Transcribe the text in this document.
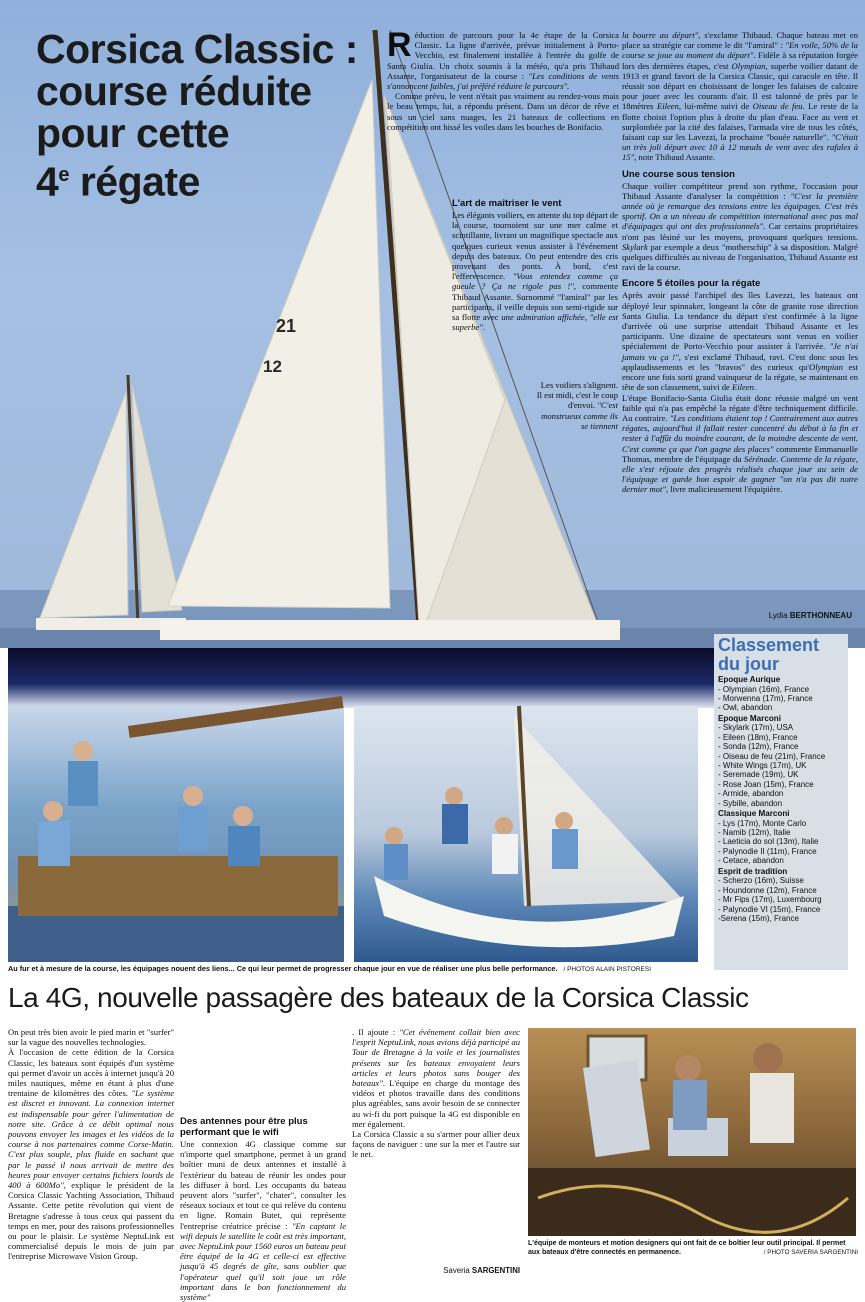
21
12
Corsica Classic :
course réduite
pour cette
4e régate

Réduction de parcours pour la 4e étape de la Corsica Classic. La ligne d'arrivée, prévue initialement à Porto-Vecchio, est finalement installée à l'entrée du golfe de Santa Giulia. Un choix soumis à la météo, qu'a pris Thibaud Assante, l'organisateur de la course : "Les conditions de vents s'annoncent faibles, j'ai préféré réduire le parcours".

Comme prévu, le vent n'était pas vraiment au rendez-vous mais le beau temps, lui, a répondu présent. Dans un décor de rêve et sous un ciel sans nuages, les 21 bateaux de collections en compétition ont hissé les voiles dans les bouches de Bonifacio.

L'art de maîtriser le vent

Les élégants voiliers, en attente du top départ de la course, tournoient sur une mer calme et scintillante, livrant un magnifique spectacle aux quelques curieux venus assister à l'événement depuis des bateaux. On peut entendre des cris provenant des ponts. À bord, c'est l'effervescence. "Vous entendez comme ça gueule ? Ça ne rigole pas !", commente Thibaud Assante. Surnommé "l'amiral" par les participants, il veille depuis son semi-rigide sur sa flotte avec une admiration affichée, "elle est superbe".

Les voiliers s'alignent. Il est midi, c'est le coup d'envoi. "C'est monstrueux comme ils se tiennent

la bourre au départ", s'exclame Thibaud. Chaque bateau met en place sa stratégie car comme le dit "l'amiral" : "En voile, 50% de la course se joue au moment du départ". Fidèle à sa réputation forgée lors des dernières étapes, c'est Olympian, superbe voilier datant de 1913 et grand favori de la Corsica Classic, qui caracole en tête. Il réussit son départ en choisissant de longer les falaises de calcaire pour jouer avec les courants d'air. Il est talonné de près par le 18mètres Eileen, lui-même suivi de Oiseau de feu. Le reste de la flotte choisit l'option plus à droite du plan d'eau. Face au vent et surplombée par la cité des falaises, l'armada vire de tous les côtés, faisant cap sur les Lavezzi, la prochaine "bouée naturelle". "C'était un très joli départ avec 10 à 12 nœuds de vent avec des rafales à 15", note Thibaud Assante.

Une course sous tension

Chaque voilier compétiteur prend son rythme, l'occasion pour Thibaud Assante d'analyser la compétition : "C'est la première année où je remarque des tensions entre les équipages. C'est très sportif. On a un niveau de compétition international avec pas mal d'équipages qui ont des professionnels". Car certains propriétaires n'ont pas lésiné sur les moyens, provoquant quelques tensions. Skylark par exemple a deux "motherschip" à sa disposition. Malgré quelques difficultés au niveau de l'organisation, Thibaud Assante est ravi de la course.

Encore 5 étoiles pour la régate

Après avoir passé l'archipel des îles Lavezzi, les bateaux ont déployé leur spinnaker, longeant la côte de granite rose direction Santa Giulia. La tendance du départ s'est confirmée à la ligne d'arrivée où une surprise attendait Thibaud Assante et les participants. Une dizaine de spectateurs sont venus en voilier spécialement de Porto-Vecchio pour assister à l'arrivée. "Je n'ai jamais vu ça !", s'est exclamé Thibaud, ravi. C'est donc sous les applaudissements et les "bravos" des curieux qu'Olympian est encore une fois sorti grand vainqueur de la régate, se maintenant en tête de son classement, suivi de Eileen.

L'étape Bonifacio-Santa Giulia était donc réussie malgré un vent faible qui n'a pas empêché la régate d'être techniquement difficile. Au contraire. "Les conditions étaient top ! Contrairement aux autres régates, aujourd'hui il fallait rester concentré du début à la fin et rester à l'affût du moindre courant, de la moindre descente de vent. C'est comme ça que l'on gagne des places" commente Emmanuelle Thomas, membre de l'équipage du Sérénade. Contente de la régate, elle s'est réjouie des progrès réalisés chaque jour au sein de l'équipage et garde bon espoir de gagner "on n'a pas dit notre dernier mot", livre malicieusement l'équipière.

Lydia BERTHONNEAU
Au fur et à mesure de la course, les équipages nouent des liens... Ce qui leur permet de progresser chaque jour en vue de réaliser une plus belle performance. / PHOTOS ALAIN PISTORESI
Classement
du jour
Epoque Aurique
- Olympian (16m), France
- Morwenna (17m), France
- Owl, abandon
Epoque Marconi
- Skylark (17m), USA
- Eileen (18m), France
- Sonda (12m), France
- Oiseau de feu (21m), France
- White Wings (17m), UK
- Seremade (19m), UK
- Rose Joan (15m), France
- Armide, abandon
- Sybille, abandon
Classique Marconi
- Lys (17m), Monte Carlo
- Namib (12m), Italie
- Laeticia do sol (13m), Italie
- Palynodie II (11m), France
- Cetace, abandon
Esprit de tradition
- Scherzo (16m), Suisse
- Houndonne (12m), France
- Mr Fips (17m), Luxembourg
- Palynodie VI (15m), France
-Serena (15m), France
La 4G, nouvelle passagère des bateaux de la Corsica Classic

On peut très bien avoir le pied marin et "surfer" sur la vague des nouvelles technologies.

À l'occasion de cette édition de la Corsica Classic, les bateaux sont équipés d'un système qui permet d'avoir un accès à internet jusqu'à 20 miles nautiques, même en étant à plus d'une trentaine de kilomètres des côtes. "Le système est discret et innovant. La connexion internet est indispensable pour gérer l'alimentation de notre site. Grâce à ce débit optimal nous pouvons envoyer les images et les vidéos de la course à nos partenaires comme Corse-Matin. C'est plus souple, plus fluide en sachant que par le passé il nous arrivait de mettre des heures pour envoyer certains fichiers lourds de 400 à 600Mo", explique le président de la Corsica Classic Yachting Association, Thibaud Assante. Cette petite révolution qui vient de Bretagne s'adresse à tous ceux qui passent du temps en mer, pour des raisons professionnelles ou pour le plaisir. Le système NeptuLink est commercialisé depuis le mois de juin par l'entreprise Microwave Vision Group.

Des antennes pour être plus performant que le wifi

Une connexion 4G classique comme sur n'importe quel smartphone, permet à un grand boîtier muni de deux antennes et installé à l'extérieur du bateau de réunir les ondes pour les diffuser à bord. Les occupants du bateau peuvent alors "surfer", "chater", consulter les réseaux sociaux et tout ce qui relève du contenu en ligne. Romain Butet, qui représente l'entreprise créatrice précise : "En captant le wifi depuis le satellite le coût est très important, avec NeptuLink pour 1560 euros un bateau peut être équipé de la 4G et celle-ci est effective jusqu'à 45 degrés de gîte, sans oublier que l'opérateur quel qu'il soit joue un rôle important dans le bon fonctionnement du système"

. Il ajoute : "Cet événement collait bien avec l'esprit NeptuLink, nous avions déjà participé au Tour de Bretagne à la voile et les journalistes présents sur les bateaux envoyaient leurs articles et leurs photos sans bouger des bateaux". L'équipe en charge du montage des vidéos et photos travaille dans des conditions plus agréables, sans avoir besoin de se connecter au wi-fi du port puisque la 4G est disponible en mer également.

La Corsica Classic a su s'armer pour allier deux façons de naviguer : une sur la mer et l'autre sur le net.

Saveria SARGENTINI
L'équipe de monteurs et motion designers qui ont fait de ce boîtier leur outil principal. Il permet aux bateaux d'être connectés en permanence.	/ PHOTO SAVERIA SARGENTINI
